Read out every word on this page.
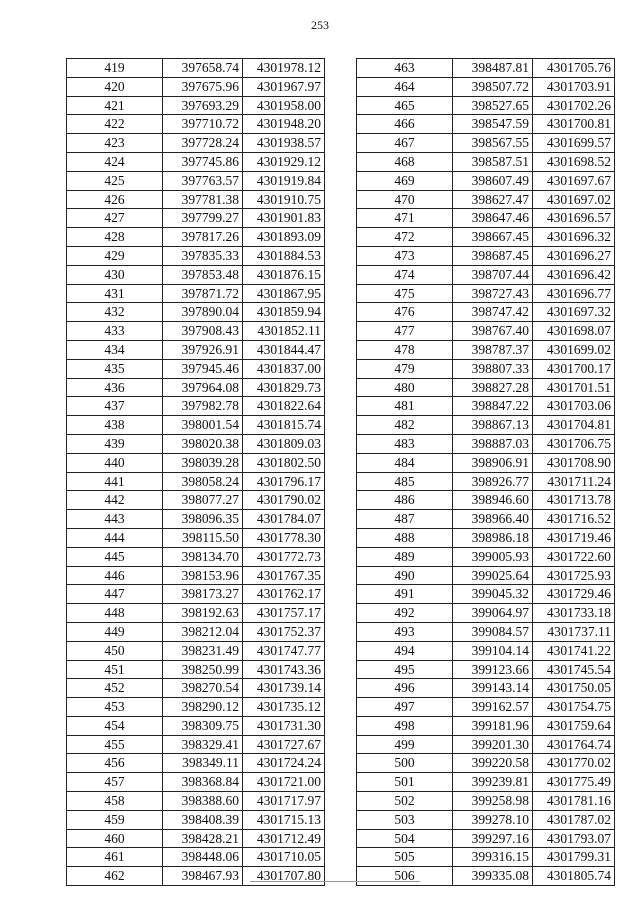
253
419	397658.74	4301978.12
420	397675.96	4301967.97
421	397693.29	4301958.00
422	397710.72	4301948.20
423	397728.24	4301938.57
424	397745.86	4301929.12
425	397763.57	4301919.84
426	397781.38	4301910.75
427	397799.27	4301901.83
428	397817.26	4301893.09
429	397835.33	4301884.53
430	397853.48	4301876.15
431	397871.72	4301867.95
432	397890.04	4301859.94
433	397908.43	4301852.11
434	397926.91	4301844.47
435	397945.46	4301837.00
436	397964.08	4301829.73
437	397982.78	4301822.64
438	398001.54	4301815.74
439	398020.38	4301809.03
440	398039.28	4301802.50
441	398058.24	4301796.17
442	398077.27	4301790.02
443	398096.35	4301784.07
444	398115.50	4301778.30
445	398134.70	4301772.73
446	398153.96	4301767.35
447	398173.27	4301762.17
448	398192.63	4301757.17
449	398212.04	4301752.37
450	398231.49	4301747.77
451	398250.99	4301743.36
452	398270.54	4301739.14
453	398290.12	4301735.12
454	398309.75	4301731.30
455	398329.41	4301727.67
456	398349.11	4301724.24
457	398368.84	4301721.00
458	398388.60	4301717.97
459	398408.39	4301715.13
460	398428.21	4301712.49
461	398448.06	4301710.05
462	398467.93	4301707.80
463	398487.81	4301705.76
464	398507.72	4301703.91
465	398527.65	4301702.26
466	398547.59	4301700.81
467	398567.55	4301699.57
468	398587.51	4301698.52
469	398607.49	4301697.67
470	398627.47	4301697.02
471	398647.46	4301696.57
472	398667.45	4301696.32
473	398687.45	4301696.27
474	398707.44	4301696.42
475	398727.43	4301696.77
476	398747.42	4301697.32
477	398767.40	4301698.07
478	398787.37	4301699.02
479	398807.33	4301700.17
480	398827.28	4301701.51
481	398847.22	4301703.06
482	398867.13	4301704.81
483	398887.03	4301706.75
484	398906.91	4301708.90
485	398926.77	4301711.24
486	398946.60	4301713.78
487	398966.40	4301716.52
488	398986.18	4301719.46
489	399005.93	4301722.60
490	399025.64	4301725.93
491	399045.32	4301729.46
492	399064.97	4301733.18
493	399084.57	4301737.11
494	399104.14	4301741.22
495	399123.66	4301745.54
496	399143.14	4301750.05
497	399162.57	4301754.75
498	399181.96	4301759.64
499	399201.30	4301764.74
500	399220.58	4301770.02
501	399239.81	4301775.49
502	399258.98	4301781.16
503	399278.10	4301787.02
504	399297.16	4301793.07
505	399316.15	4301799.31
506	399335.08	4301805.74
